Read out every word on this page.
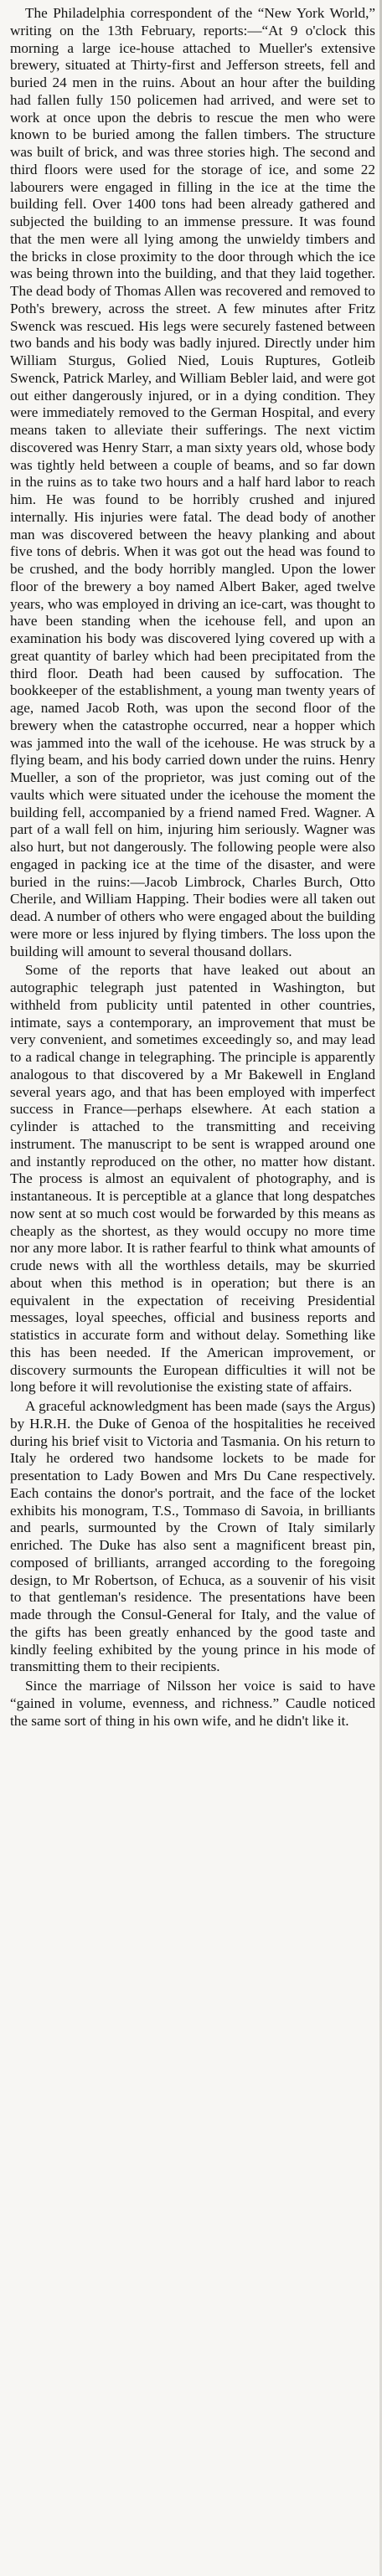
The Philadelphia correspondent of the “New York World,” writing on the 13th February, reports:—“At 9 o'clock this morning a large ice-house attached to Mueller's extensive brewery, situated at Thirty-first and Jefferson streets, fell and buried 24 men in the ruins. About an hour after the building had fallen fully 150 policemen had arrived, and were set to work at once upon the debris to rescue the men who were known to be buried among the fallen timbers. The structure was built of brick, and was three stories high. The second and third floors were used for the storage of ice, and some 22 labourers were engaged in filling in the ice at the time the building fell. Over 1400 tons had been already gathered and subjected the building to an immense pressure. It was found that the men were all lying among the unwieldy timbers and the bricks in close proximity to the door through which the ice was being thrown into the building, and that they laid together. The dead body of Thomas Allen was recovered and removed to Poth's brewery, across the street. A few minutes after Fritz Swenck was rescued. His legs were securely fastened between two bands and his body was badly injured. Directly under him William Sturgus, Golied Nied, Louis Ruptures, Gotleib Swenck, Patrick Marley, and William Bebler laid, and were got out either dangerously injured, or in a dying condition. They were immediately removed to the German Hospital, and every means taken to alleviate their sufferings. The next victim discovered was Henry Starr, a man sixty years old, whose body was tightly held between a couple of beams, and so far down in the ruins as to take two hours and a half hard labor to reach him. He was found to be horribly crushed and injured internally. His injuries were fatal. The dead body of another man was discovered between the heavy planking and about five tons of debris. When it was got out the head was found to be crushed, and the body horribly mangled. Upon the lower floor of the brewery a boy named Albert Baker, aged twelve years, who was employed in driving an ice-cart, was thought to have been standing when the icehouse fell, and upon an examination his body was discovered lying covered up with a great quantity of barley which had been precipitated from the third floor. Death had been caused by suffocation. The bookkeeper of the establishment, a young man twenty years of age, named Jacob Roth, was upon the second floor of the brewery when the catastrophe occurred, near a hopper which was jammed into the wall of the icehouse. He was struck by a flying beam, and his body carried down under the ruins. Henry Mueller, a son of the proprietor, was just coming out of the vaults which were situated under the icehouse the moment the building fell, accompanied by a friend named Fred. Wagner. A part of a wall fell on him, injuring him seriously. Wagner was also hurt, but not dangerously. The following people were also engaged in packing ice at the time of the disaster, and were buried in the ruins:—Jacob Limbrock, Charles Burch, Otto Cherile, and William Happing. Their bodies were all taken out dead. A number of others who were engaged about the building were more or less injured by flying timbers. The loss upon the building will amount to several thousand dollars.

Some of the reports that have leaked out about an autographic telegraph just patented in Washington, but withheld from publicity until patented in other countries, intimate, says a contemporary, an improvement that must be very convenient, and sometimes exceedingly so, and may lead to a radical change in telegraphing. The principle is apparently analogous to that discovered by a Mr Bakewell in England several years ago, and that has been employed with imperfect success in France—perhaps elsewhere. At each station a cylinder is attached to the transmitting and receiving instrument. The manuscript to be sent is wrapped around one and instantly reproduced on the other, no matter how distant. The process is almost an equivalent of photography, and is instantaneous. It is perceptible at a glance that long despatches now sent at so much cost would be forwarded by this means as cheaply as the shortest, as they would occupy no more time nor any more labor. It is rather fearful to think what amounts of crude news with all the worthless details, may be skurried about when this method is in operation; but there is an equivalent in the expectation of receiving Presidential messages, loyal speeches, official and business reports and statistics in accurate form and without delay. Something like this has been needed. If the American improvement, or discovery surmounts the European difficulties it will not be long before it will revolutionise the existing state of affairs.

A graceful acknowledgment has been made (says the Argus) by H.R.H. the Duke of Genoa of the hospitalities he received during his brief visit to Victoria and Tasmania. On his return to Italy he ordered two handsome lockets to be made for presentation to Lady Bowen and Mrs Du Cane respectively. Each contains the donor's portrait, and the face of the locket exhibits his monogram, T.S., Tommaso di Savoia, in brilliants and pearls, surmounted by the Crown of Italy similarly enriched. The Duke has also sent a magnificent breast pin, composed of brilliants, arranged according to the foregoing design, to Mr Robertson, of Echuca, as a souvenir of his visit to that gentleman's residence. The presentations have been made through the Consul-General for Italy, and the value of the gifts has been greatly enhanced by the good taste and kindly feeling exhibited by the young prince in his mode of transmitting them to their recipients.

Since the marriage of Nilsson her voice is said to have “gained in volume, evenness, and richness.” Caudle noticed the same sort of thing in his own wife, and he didn't like it.
